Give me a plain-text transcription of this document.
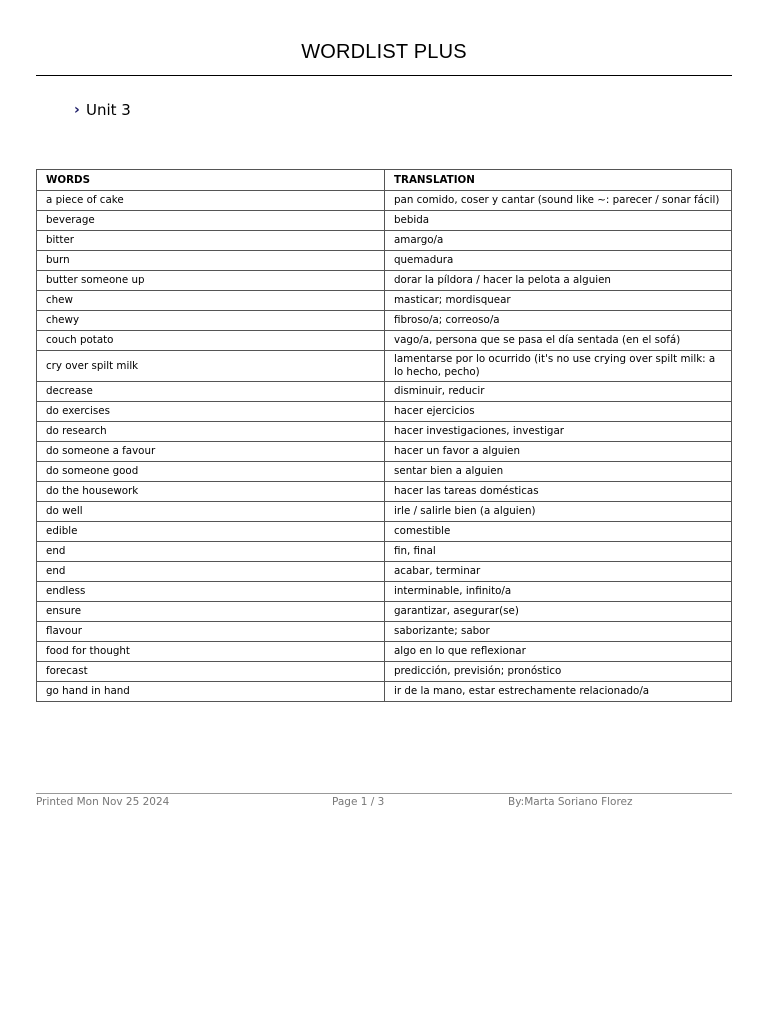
WORDLIST PLUS
› Unit 3
WORDS	TRANSLATION
a piece of cake	pan comido, coser y cantar (sound like ~: parecer / sonar fácil)
beverage	bebida
bitter	amargo/a
burn	quemadura
butter someone up	dorar la píldora / hacer la pelota a alguien
chew	masticar; mordisquear
chewy	fibroso/a; correoso/a
couch potato	vago/a, persona que se pasa el día sentada (en el sofá)
cry over spilt milk	lamentarse por lo ocurrido (it's no use crying over spilt milk: a lo hecho, pecho)
decrease	disminuir, reducir
do exercises	hacer ejercicios
do research	hacer investigaciones, investigar
do someone a favour	hacer un favor a alguien
do someone good	sentar bien a alguien
do the housework	hacer las tareas domésticas
do well	irle / salirle bien (a alguien)
edible	comestible
end	fin, final
end	acabar, terminar
endless	interminable, infinito/a
ensure	garantizar, asegurar(se)
flavour	saborizante; sabor
food for thought	algo en lo que reflexionar
forecast	predicción, previsión; pronóstico
go hand in hand	ir de la mano, estar estrechamente relacionado/a
Printed Mon Nov 25 2024	Page 1 / 3	By:Marta Soriano Florez
